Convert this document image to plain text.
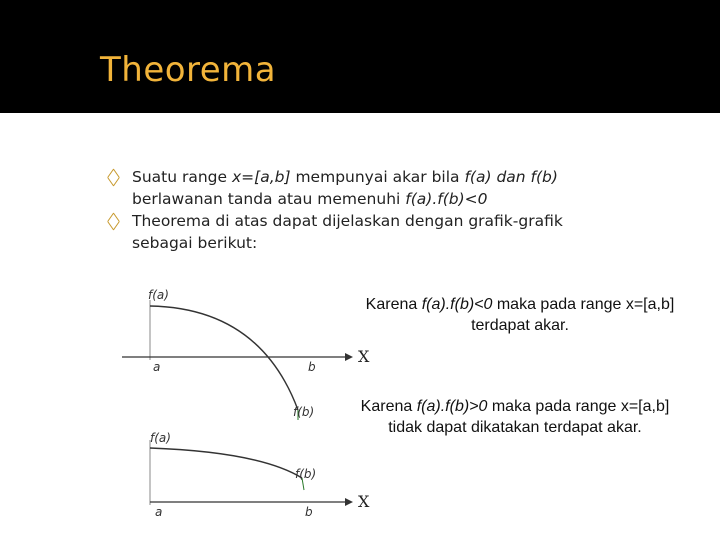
Theorema
Suatu range x=[a,b] mempunyai akar bila f(a) dan f(b) berlawanan tanda atau memenuhi f(a).f(b)<0
Theorema di atas dapat dijelaskan dengan grafik-grafik sebagai berikut:
f(a)
a	b
f(b)
X
f(a)
a	b
f(b)
X
Karena f(a).f(b)<0 maka pada range x=[a,b] terdapat akar.
Karena f(a).f(b)>0 maka pada range x=[a,b] tidak dapat dikatakan terdapat akar.
